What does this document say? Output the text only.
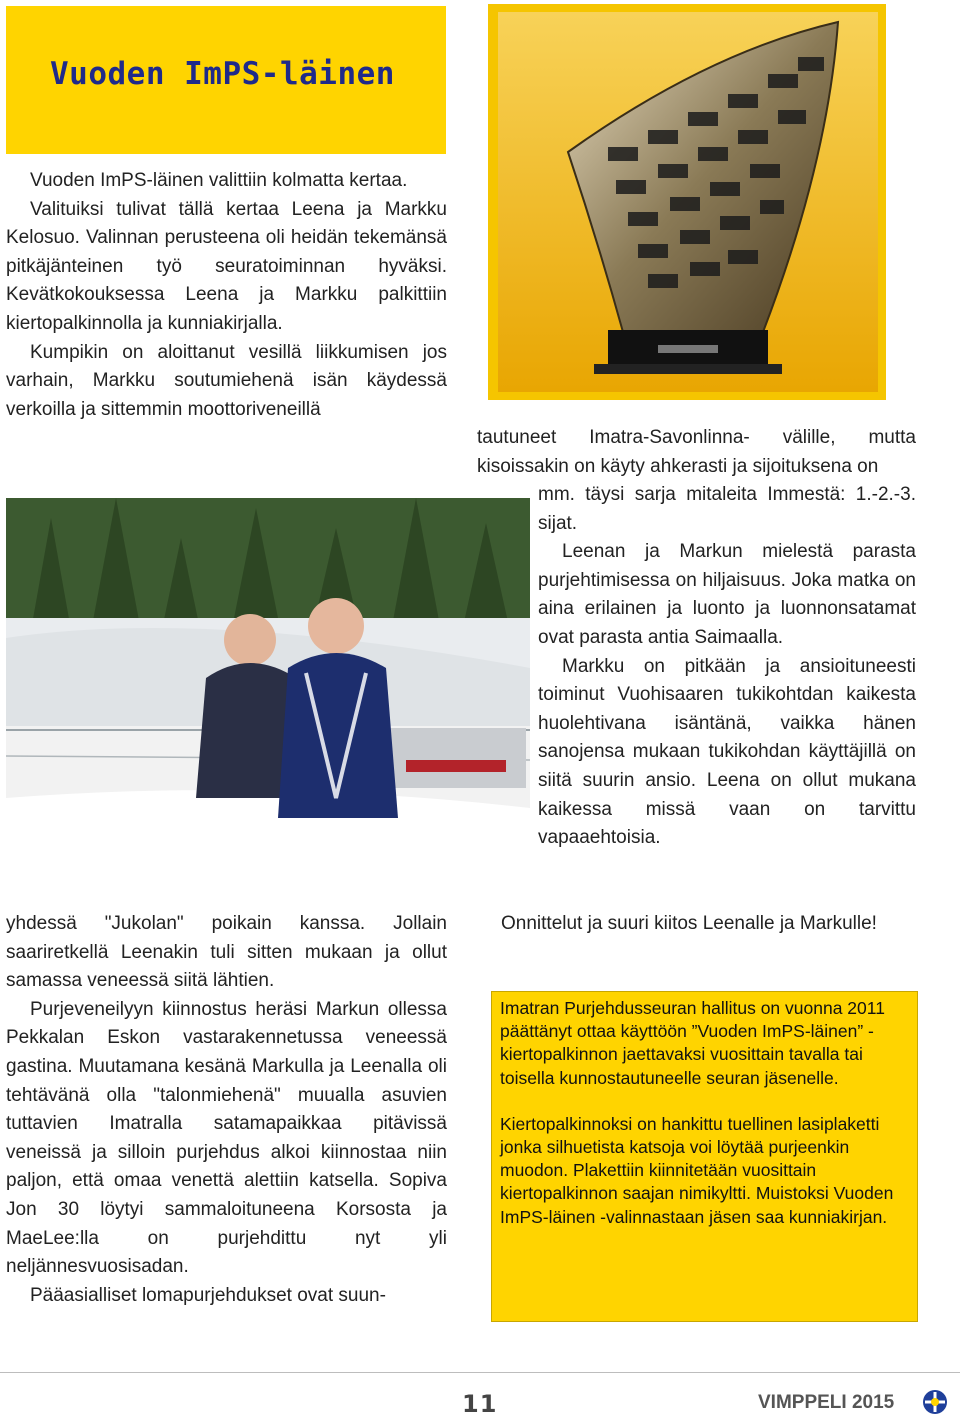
Vuoden ImPS-läinen

Vuoden ImPS-läinen valittiin kolmatta kertaa.

Valituiksi tulivat tällä kertaa Leena ja Markku Kelosuo. Valinnan perusteena oli heidän tekemänsä pitkäjänteinen työ seuratoiminnan hyväksi. Kevätkokouksessa Leena ja Markku palkittiin kiertopalkinnolla ja kunniakirjalla.

Kumpikin on aloittanut vesillä liikkumisen jos varhain, Markku soutumiehenä isän käydessä verkoilla ja sittemmin moottoriveneillä

tautuneet Imatra-Savonlinna- välille, mutta kisoissakin on käyty ahkerasti ja sijoituksena on

mm. täysi sarja mitaleita Immestä: 1.-2.-3. sijat.

Leenan ja Markun mielestä parasta purjehtimisessa on hiljaisuus. Joka matka on aina erilainen ja luonto ja luonnonsatamat ovat parasta antia Saimaalla.

Markku on pitkään ja ansioituneesti toiminut Vuohisaaren tukikohtdan kaikesta huolehtivana isäntänä, vaikka hänen sanojensa mukaan tukikohdan käyttäjillä on siitä suurin ansio. Leena on ollut mukana kaikessa missä vaan on tarvittu vapaaehtoisia.

yhdessä "Jukolan" poikain kanssa. Jollain saariretkellä Leenakin tuli sitten mukaan ja ollut samassa veneessä siitä lähtien.

Purjeveneilyyn kiinnostus heräsi Markun ollessa Pekkalan Eskon vastarakennetussa veneessä gastina. Muutamana kesänä Markulla ja Leenalla oli tehtävänä olla "talonmiehenä" muualla asuvien tuttavien Imatralla satamapaikkaa pitävissä veneissä ja silloin purjehdus alkoi kiinnostaa niin paljon, että omaa venettä alettiin katsella. Sopiva Jon 30 löytyi sammaloituneena Korsosta ja MaeLee:lla on purjehdittu nyt yli neljännesvuosisadan.

Pääasialliset lomapurjehdukset ovat suun-

Onnittelut ja suuri kiitos Leenalle ja Markulle!

Imatran Purjehdusseuran hallitus on vuonna 2011 päättänyt ottaa käyttöön ”Vuoden ImPS-läinen” -kiertopalkinnon jaettavaksi vuosittain tavalla tai toisella kunnostautuneelle seuran jäsenelle.

Kiertopalkinnoksi on hankittu tuellinen lasiplaketti jonka silhuetista katsoja voi löytää purjeenkin muodon. Plakettiin kiinnitetään vuosittain kiertopalkinnon saajan nimikyltti. Muistoksi Vuoden ImPS-läinen -valinnastaan jäsen saa kunniakirjan.

11	VIMPPELI 2015
